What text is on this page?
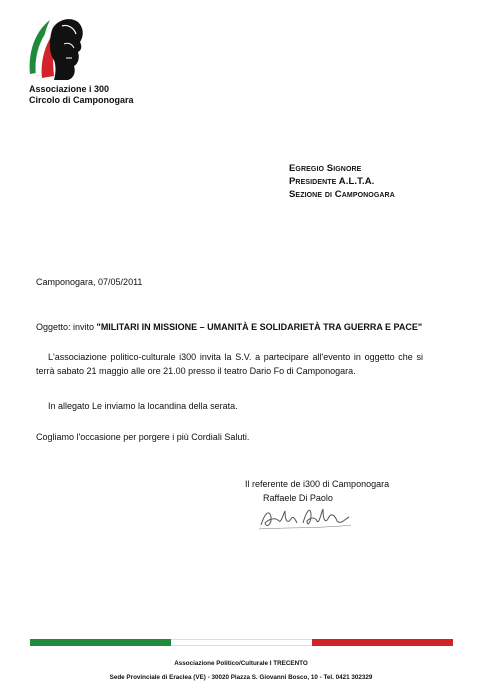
Associazione i 300
Circolo di Camponogara
Egregio Signore
Presidente A.L.T.A.
Sezione di Camponogara
Camponogara, 07/05/2011
Oggetto: invito "MILITARI IN MISSIONE – UMANITÀ E SOLIDARIETÀ TRA GUERRA E PACE"
L'associazione politico-culturale i300 invita la S.V. a partecipare all'evento in oggetto che si terrà sabato 21 maggio alle ore 21.00 presso il teatro Dario Fo di Camponogara.
In allegato Le inviamo la locandina della serata.
Cogliamo l'occasione per porgere i più Cordiali Saluti.
Il referente de i300 di Camponogara
Raffaele Di Paolo
Associazione Politico/Culturale I TRECENTO
Sede Provinciale di Eraclea (VE) - 30020 Piazza S. Giovanni Bosco, 10 - Tel. 0421 302329
